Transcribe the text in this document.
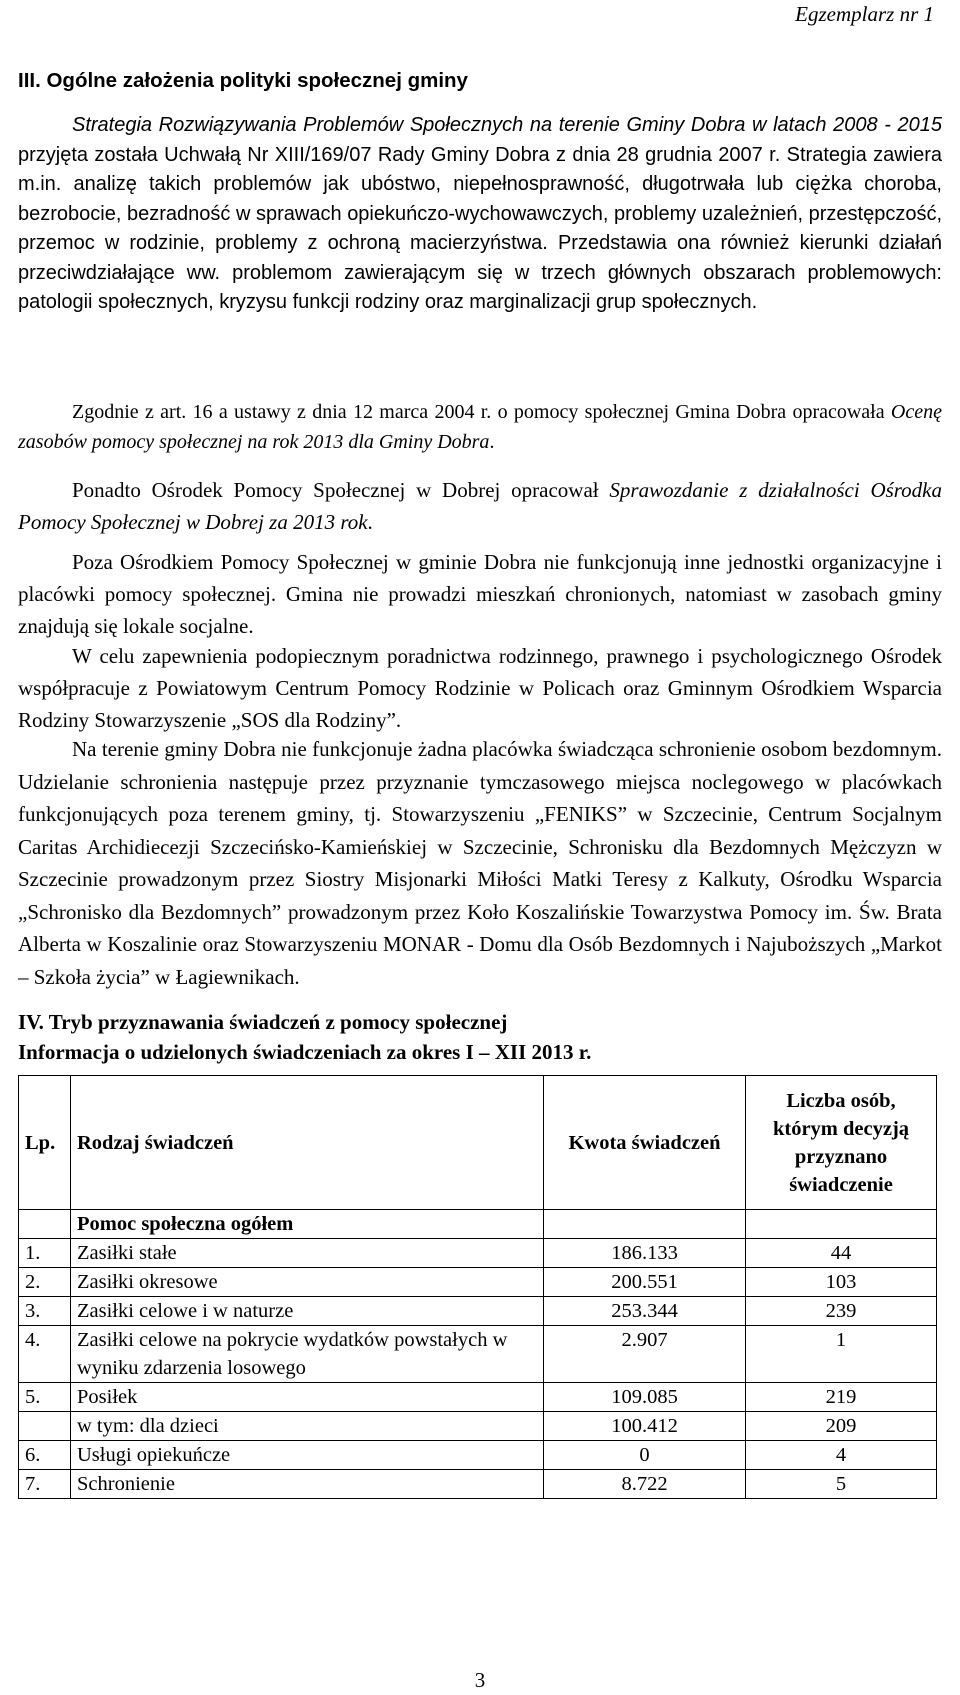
Egzemplarz nr 1
III. Ogólne założenia polityki społecznej gminy

Strategia Rozwiązywania Problemów Społecznych na terenie Gminy Dobra w latach 2008 - 2015 przyjęta została Uchwałą Nr XIII/169/07 Rady Gminy Dobra z dnia 28 grudnia 2007 r. Strategia zawiera m.in. analizę takich problemów jak ubóstwo, niepełnosprawność, długotrwała lub ciężka choroba, bezrobocie, bezradność w sprawach opiekuńczo-wychowawczych, problemy uzależnień, przestępczość, przemoc w rodzinie, problemy z ochroną macierzyństwa. Przedstawia ona również kierunki działań przeciwdziałające ww. problemom zawierającym się w trzech głównych obszarach problemowych: patologii społecznych, kryzysu funkcji rodziny oraz marginalizacji grup społecznych.

Zgodnie z art. 16 a ustawy z dnia 12 marca 2004 r. o pomocy społecznej Gmina Dobra opracowała Ocenę zasobów pomocy społecznej na rok 2013 dla Gminy Dobra.

Ponadto Ośrodek Pomocy Społecznej w Dobrej opracował Sprawozdanie z działalności Ośrodka Pomocy Społecznej w Dobrej za 2013 rok.

Poza Ośrodkiem Pomocy Społecznej w gminie Dobra nie funkcjonują inne jednostki organizacyjne i placówki pomocy społecznej. Gmina nie prowadzi mieszkań chronionych, natomiast w zasobach gminy znajdują się lokale socjalne.

W celu zapewnienia podopiecznym poradnictwa rodzinnego, prawnego i psychologicznego Ośrodek współpracuje z Powiatowym Centrum Pomocy Rodzinie w Policach oraz Gminnym Ośrodkiem Wsparcia Rodziny Stowarzyszenie „SOS dla Rodziny”.

Na terenie gminy Dobra nie funkcjonuje żadna placówka świadcząca schronienie osobom bezdomnym. Udzielanie schronienia następuje przez przyznanie tymczasowego miejsca noclegowego w placówkach funkcjonujących poza terenem gminy, tj. Stowarzyszeniu „FENIKS” w Szczecinie, Centrum Socjalnym Caritas Archidiecezji Szczecińsko-Kamieńskiej w Szczecinie, Schronisku dla Bezdomnych Mężczyzn w Szczecinie prowadzonym przez Siostry Misjonarki Miłości Matki Teresy z Kalkuty, Ośrodku Wsparcia „Schronisko dla Bezdomnych” prowadzonym przez Koło Koszalińskie Towarzystwa Pomocy im. Św. Brata Alberta w Koszalinie oraz Stowarzyszeniu MONAR - Domu dla Osób Bezdomnych i Najuboższych „Markot – Szkoła życia” w Łagiewnikach.

IV. Tryb przyznawania świadczeń z pomocy społecznej
Informacja o udzielonych świadczeniach za okres I – XII 2013 r.
Lp.	Rodzaj świadczeń	Kwota świadczeń	Liczba osób, którym decyzją przyznano świadczenie
	Pomoc społeczna ogółem		
1.	Zasiłki stałe	186.133	44
2.	Zasiłki okresowe	200.551	103
3.	Zasiłki celowe i w naturze	253.344	239
4.	Zasiłki celowe na pokrycie wydatków powstałych w wyniku zdarzenia losowego	2.907	1
5.	Posiłek	109.085	219
	w tym: dla dzieci	100.412	209
6.	Usługi opiekuńcze	0	4
7.	Schronienie	8.722	5
3
